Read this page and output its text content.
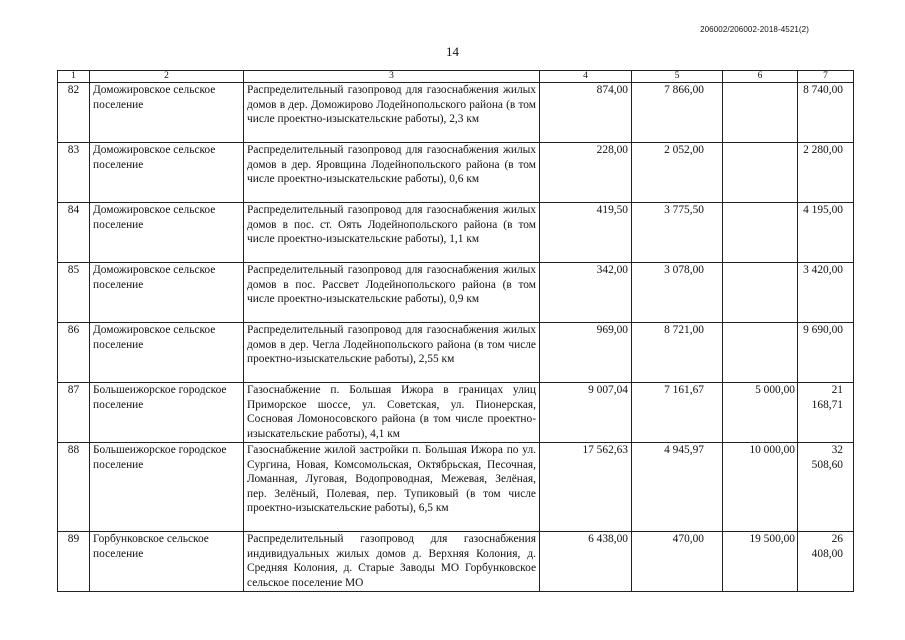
206002/206002-2018-4521(2)
14
1	2	3	4	5	6	7
82	Доможировское сельское поселение	Распределительный газопровод для газоснабжения жилых домов в дер. Доможирово Лодейнопольского района (в том числе проектно-изыскательские работы), 2,3 км	874,00	7 866,00		8 740,00
83	Доможировское сельское поселение	Распределительный газопровод для газоснабжения жилых домов в дер. Яровщина Лодейнопольского района (в том числе проектно-изыскательские работы), 0,6 км	228,00	2 052,00		2 280,00
84	Доможировское сельское поселение	Распределительный газопровод для газоснабжения жилых домов в пос. ст. Оять Лодейнопольского района (в том числе проектно-изыскательские работы), 1,1 км	419,50	3 775,50		4 195,00
85	Доможировское сельское поселение	Распределительный газопровод для газоснабжения жилых домов в пос. Рассвет Лодейнопольского района (в том числе проектно-изыскательские работы), 0,9 км	342,00	3 078,00		3 420,00
86	Доможировское сельское поселение	Распределительный газопровод для газоснабжения жилых домов в дер. Чегла Лодейнопольского района (в том числе проектно-изыскательские работы), 2,55 км	969,00	8 721,00		9 690,00
87	Большеижорское городское поселение	Газоснабжение п. Большая Ижора в границах улиц Приморское шоссе, ул. Советская, ул. Пионерская, Сосновая Ломоносовского района (в том числе проектно-изыскательские работы), 4,1 км	9 007,04	7 161,67	5 000,00	21 168,71
88	Большеижорское городское поселение	Газоснабжение жилой застройки п. Большая Ижора по ул. Сургина, Новая, Комсомольская, Октябрьская, Песочная, Ломанная, Луговая, Водопроводная, Межевая, Зелёная, пер. Зелёный, Полевая, пер. Тупиковый (в том числе проектно-изыскательские работы), 6,5 км	17 562,63	4 945,97	10 000,00	32 508,60
89	Горбунковское сельское поселение	Распределительный газопровод для газоснабжения индивидуальных жилых домов д. Верхняя Колония, д. Средняя Колония, д. Старые Заводы МО Горбунковское сельское поселение МО	6 438,00	470,00	19 500,00	26 408,00
